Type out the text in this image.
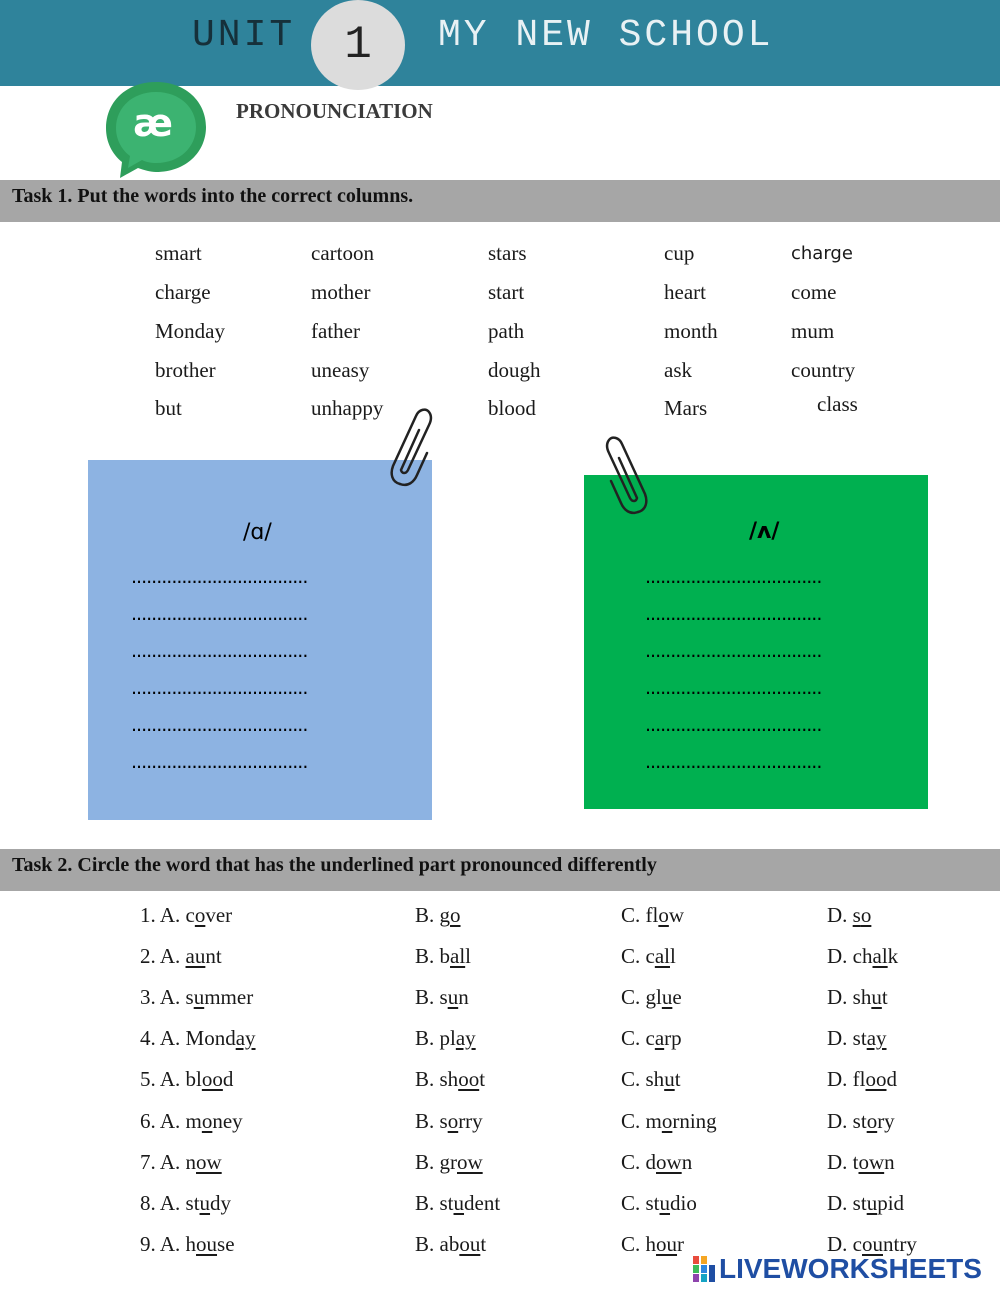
UNIT	1	MY NEW SCHOOL
æ	PRONOUNCIATION
Task 1. Put the words into the correct columns.
smart	cartoon	stars	cup	charge
charge	mother	start	heart	come
Monday	father	path	month	mum
brother	uneasy	dough	ask	country
but	unhappy	blood	Mars	class
/ɑ/
...................................
...................................
...................................
...................................
...................................
...................................
/ʌ/
...................................
...................................
...................................
...................................
...................................
...................................
Task 2. Circle the word that has the underlined part pronounced differently
1. A. cover	B. go	C. flow	D. so
2. A. aunt	B. ball	C. call	D. chalk
3. A. summer	B. sun	C. glue	D. shut
4. A. Monday	B. play	C. carp	D. stay
5. A. blood	B. shoot	C. shut	D. flood
6. A. money	B. sorry	C. morning	D. story
7. A. now	B. grow	C. down	D. town
8. A. study	B. student	C. studio	D. stupid
9. A. house	B. about	C. hour	D. country
LIVEWORKSHEETS
